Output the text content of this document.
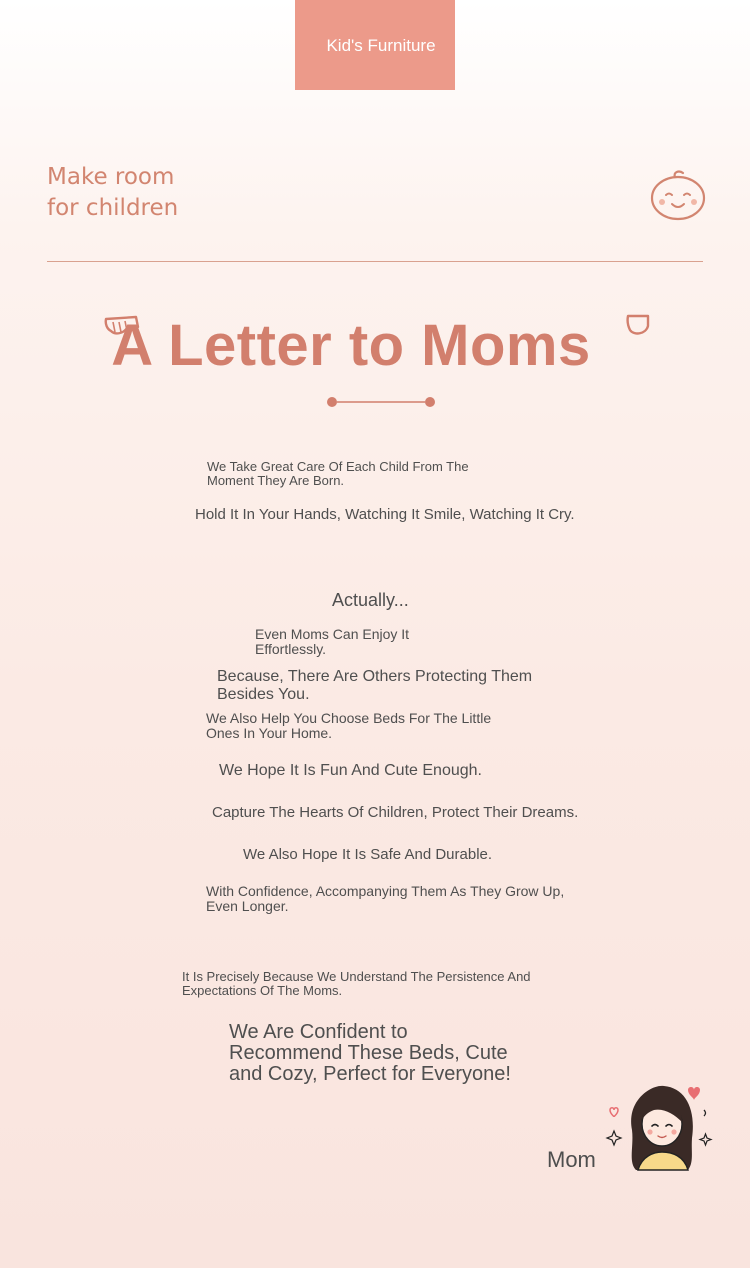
Kid's Furniture
Make room
for children
A Letter to Moms
We Take Great Care Of Each Child From The
Moment They Are Born.
Hold It In Your Hands, Watching It Smile, Watching It Cry.
Actually...
Even Moms Can Enjoy It
Effortlessly.
Because, There Are Others Protecting Them
Besides You.
We Also Help You Choose Beds For The Little
Ones In Your Home.
We Hope It Is Fun And Cute Enough.
Capture The Hearts Of Children, Protect Their Dreams.
We Also Hope It Is Safe And Durable.
With Confidence, Accompanying Them As They Grow Up,
Even Longer.
It Is Precisely Because We Understand The Persistence And
Expectations Of The Moms.
We Are Confident to
Recommend These Beds, Cute
and Cozy, Perfect for Everyone!
Mom
